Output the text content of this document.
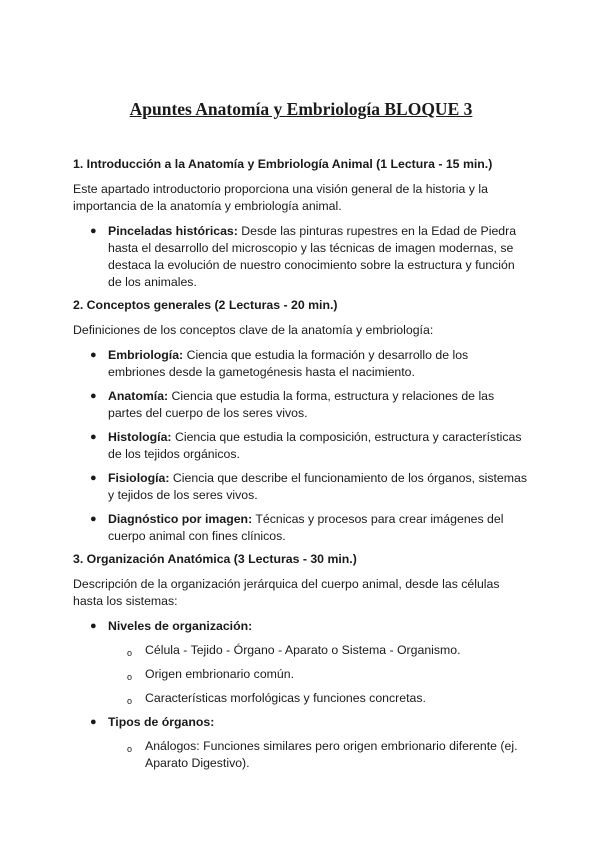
Apuntes Anatomía y Embriología BLOQUE 3
1. Introducción a la Anatomía y Embriología Animal (1 Lectura - 15 min.)

Este apartado introductorio proporciona una visión general de la historia y la importancia de la anatomía y embriología animal.

● Pinceladas históricas: Desde las pinturas rupestres en la Edad de Piedra hasta el desarrollo del microscopio y las técnicas de imagen modernas, se destaca la evolución de nuestro conocimiento sobre la estructura y función de los animales.
2. Conceptos generales (2 Lecturas - 20 min.)

Definiciones de los conceptos clave de la anatomía y embriología:

● Embriología: Ciencia que estudia la formación y desarrollo de los embriones desde la gametogénesis hasta el nacimiento.
● Anatomía: Ciencia que estudia la forma, estructura y relaciones de las partes del cuerpo de los seres vivos.
● Histología: Ciencia que estudia la composición, estructura y características de los tejidos orgánicos.
● Fisiología: Ciencia que describe el funcionamiento de los órganos, sistemas y tejidos de los seres vivos.
● Diagnóstico por imagen: Técnicas y procesos para crear imágenes del cuerpo animal con fines clínicos.
3. Organización Anatómica (3 Lecturas - 30 min.)

Descripción de la organización jerárquica del cuerpo animal, desde las células hasta los sistemas:

● Niveles de organización:
o Célula - Tejido - Órgano - Aparato o Sistema - Organismo.
o Origen embrionario común.
o Características morfológicas y funciones concretas.
● Tipos de órganos:
o Análogos: Funciones similares pero origen embrionario diferente (ej. Aparato Digestivo).
